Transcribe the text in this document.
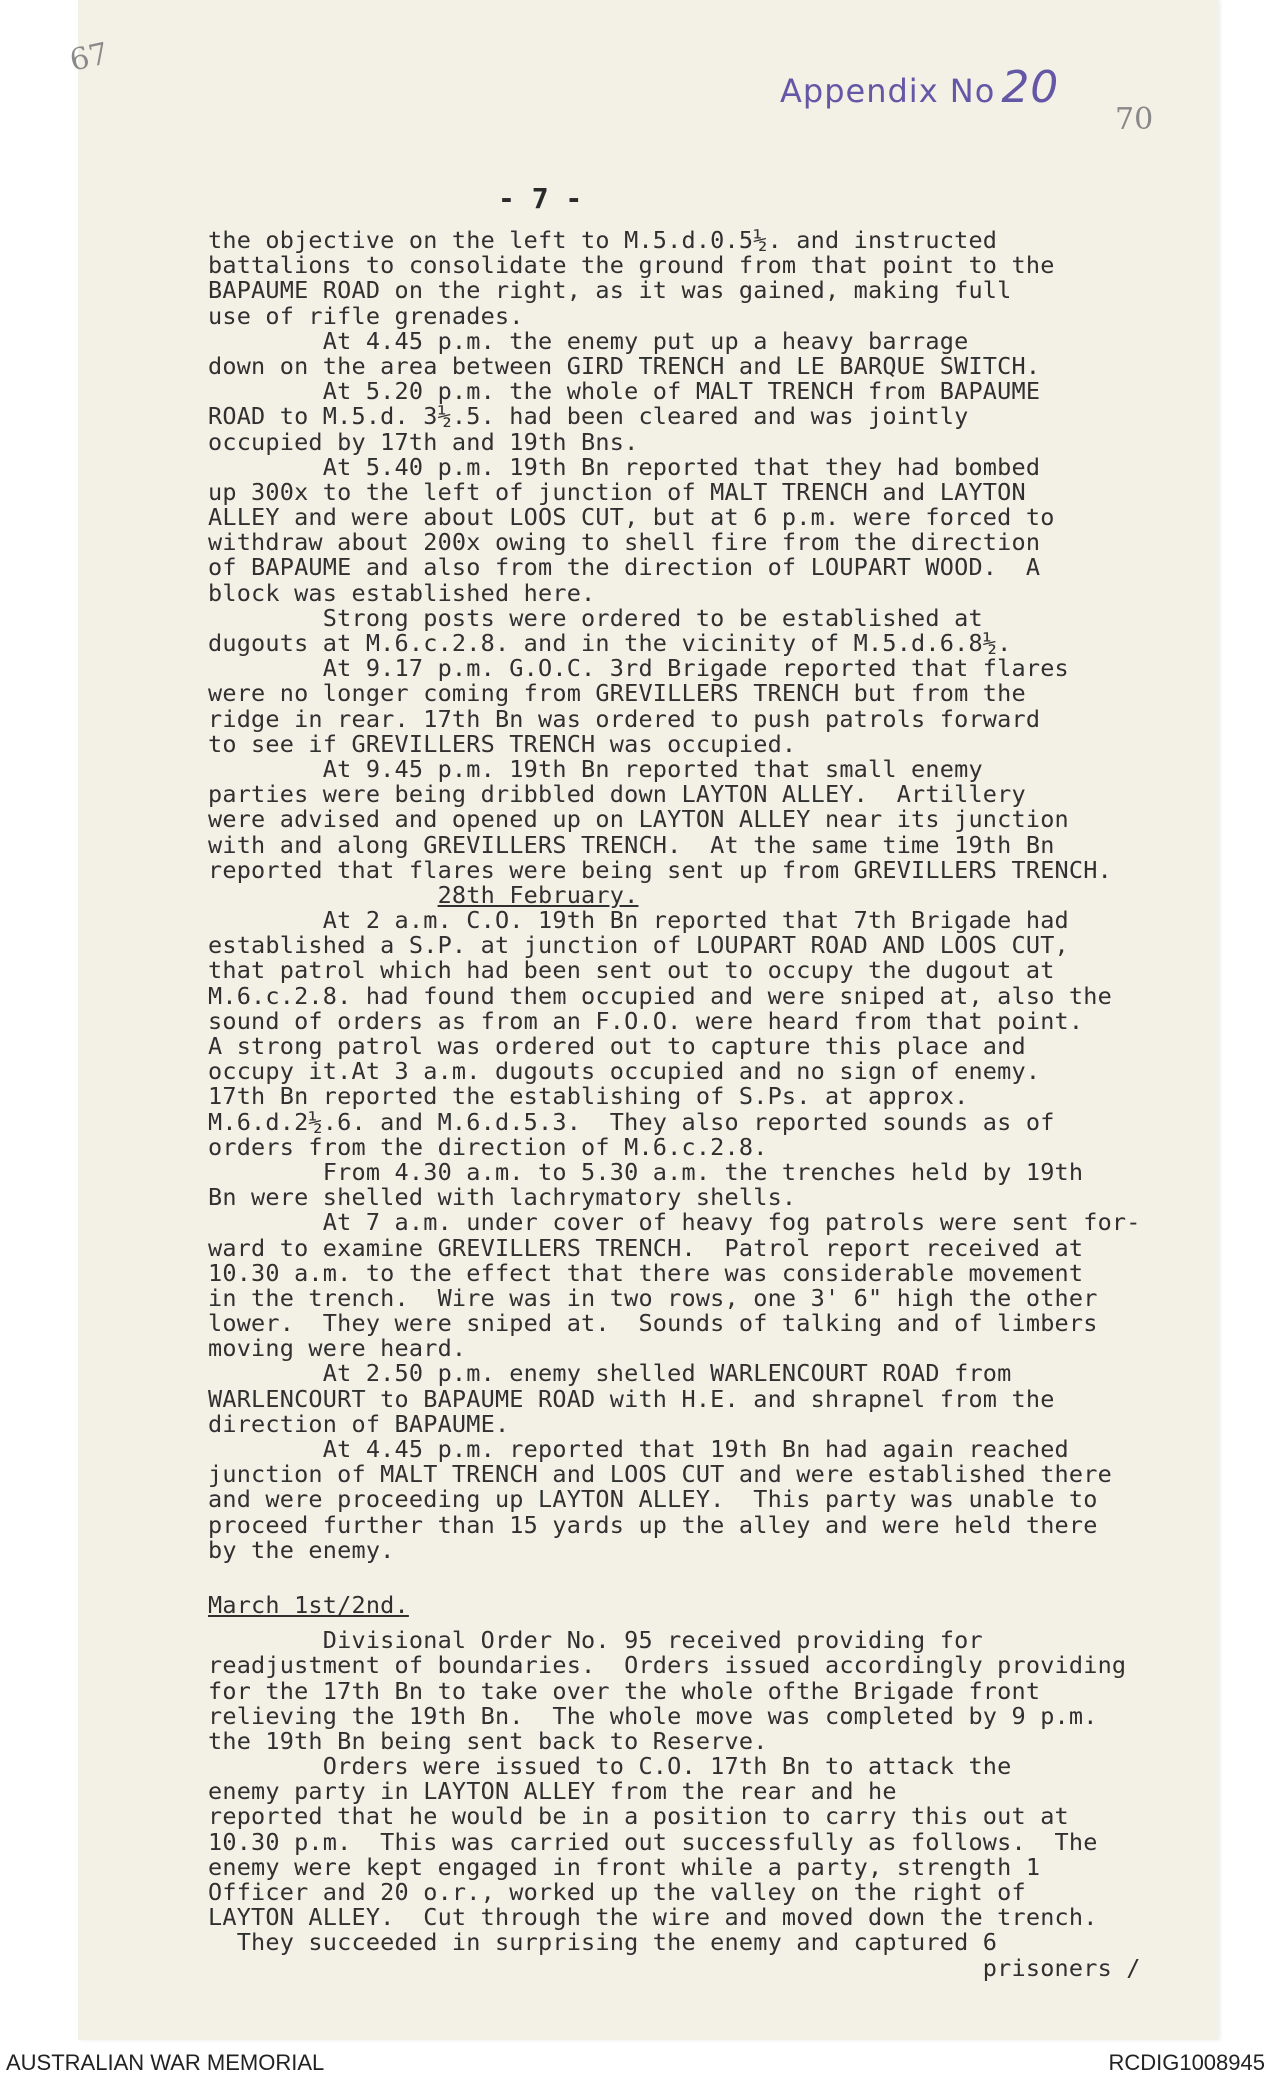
67
Appendix No 20
70
- 7 -
the objective on the left to M.5.d.0.5½. and instructed
battalions to consolidate the ground from that point to the
BAPAUME ROAD on the right, as it was gained, making full
use of rifle grenades.
At 4.45 p.m. the enemy put up a heavy barrage
down on the area between GIRD TRENCH and LE BARQUE SWITCH.
At 5.20 p.m. the whole of MALT TRENCH from BAPAUME
ROAD to M.5.d. 3½.5. had been cleared and was jointly
occupied by 17th and 19th Bns.
At 5.40 p.m. 19th Bn reported that they had bombed
up 300x to the left of junction of MALT TRENCH and LAYTON
ALLEY and were about LOOS CUT, but at 6 p.m. were forced to
withdraw about 200x owing to shell fire from the direction
of BAPAUME and also from the direction of LOUPART WOOD.  A
block was established here.
Strong posts were ordered to be established at
dugouts at M.6.c.2.8. and in the vicinity of M.5.d.6.8½.
At 9.17 p.m. G.O.C. 3rd Brigade reported that flares
were no longer coming from GREVILLERS TRENCH but from the
ridge in rear. 17th Bn was ordered to push patrols forward
to see if GREVILLERS TRENCH was occupied.
At 9.45 p.m. 19th Bn reported that small enemy
parties were being dribbled down LAYTON ALLEY.  Artillery
were advised and opened up on LAYTON ALLEY near its junction
with and along GREVILLERS TRENCH.  At the same time 19th Bn
reported that flares were being sent up from GREVILLERS TRENCH.
28th February.
At 2 a.m. C.O. 19th Bn reported that 7th Brigade had
established a S.P. at junction of LOUPART ROAD AND LOOS CUT,
that patrol which had been sent out to occupy the dugout at
M.6.c.2.8. had found them occupied and were sniped at, also the
sound of orders as from an F.O.O. were heard from that point.
A strong patrol was ordered out to capture this place and
occupy it.At 3 a.m. dugouts occupied and no sign of enemy.
17th Bn reported the establishing of S.Ps. at approx.
M.6.d.2½.6. and M.6.d.5.3.  They also reported sounds as of
orders from the direction of M.6.c.2.8.
From 4.30 a.m. to 5.30 a.m. the trenches held by 19th
Bn were shelled with lachrymatory shells.
At 7 a.m. under cover of heavy fog patrols were sent for-
ward to examine GREVILLERS TRENCH.  Patrol report received at
10.30 a.m. to the effect that there was considerable movement
in the trench.  Wire was in two rows, one 3' 6" high the other
lower.  They were sniped at.  Sounds of talking and of limbers
moving were heard.
At 2.50 p.m. enemy shelled WARLENCOURT ROAD from
WARLENCOURT to BAPAUME ROAD with H.E. and shrapnel from the
direction of BAPAUME.
At 4.45 p.m. reported that 19th Bn had again reached
junction of MALT TRENCH and LOOS CUT and were established there
and were proceeding up LAYTON ALLEY.  This party was unable to
proceed further than 15 yards up the alley and were held there
by the enemy.
March 1st/2nd.
Divisional Order No. 95 received providing for
readjustment of boundaries.  Orders issued accordingly providing
for the 17th Bn to take over the whole ofthe Brigade front
relieving the 19th Bn.  The whole move was completed by 9 p.m.
the 19th Bn being sent back to Reserve.
Orders were issued to C.O. 17th Bn to attack the
enemy party in LAYTON ALLEY from the rear and he
reported that he would be in a position to carry this out at
10.30 p.m.  This was carried out successfully as follows.  The
enemy were kept engaged in front while a party, strength 1
Officer and 20 o.r., worked up the valley on the right of
LAYTON ALLEY.  Cut through the wire and moved down the trench.
They succeeded in surprising the enemy and captured 6
prisoners /
AUSTRALIAN WAR MEMORIAL	RCDIG1008945
